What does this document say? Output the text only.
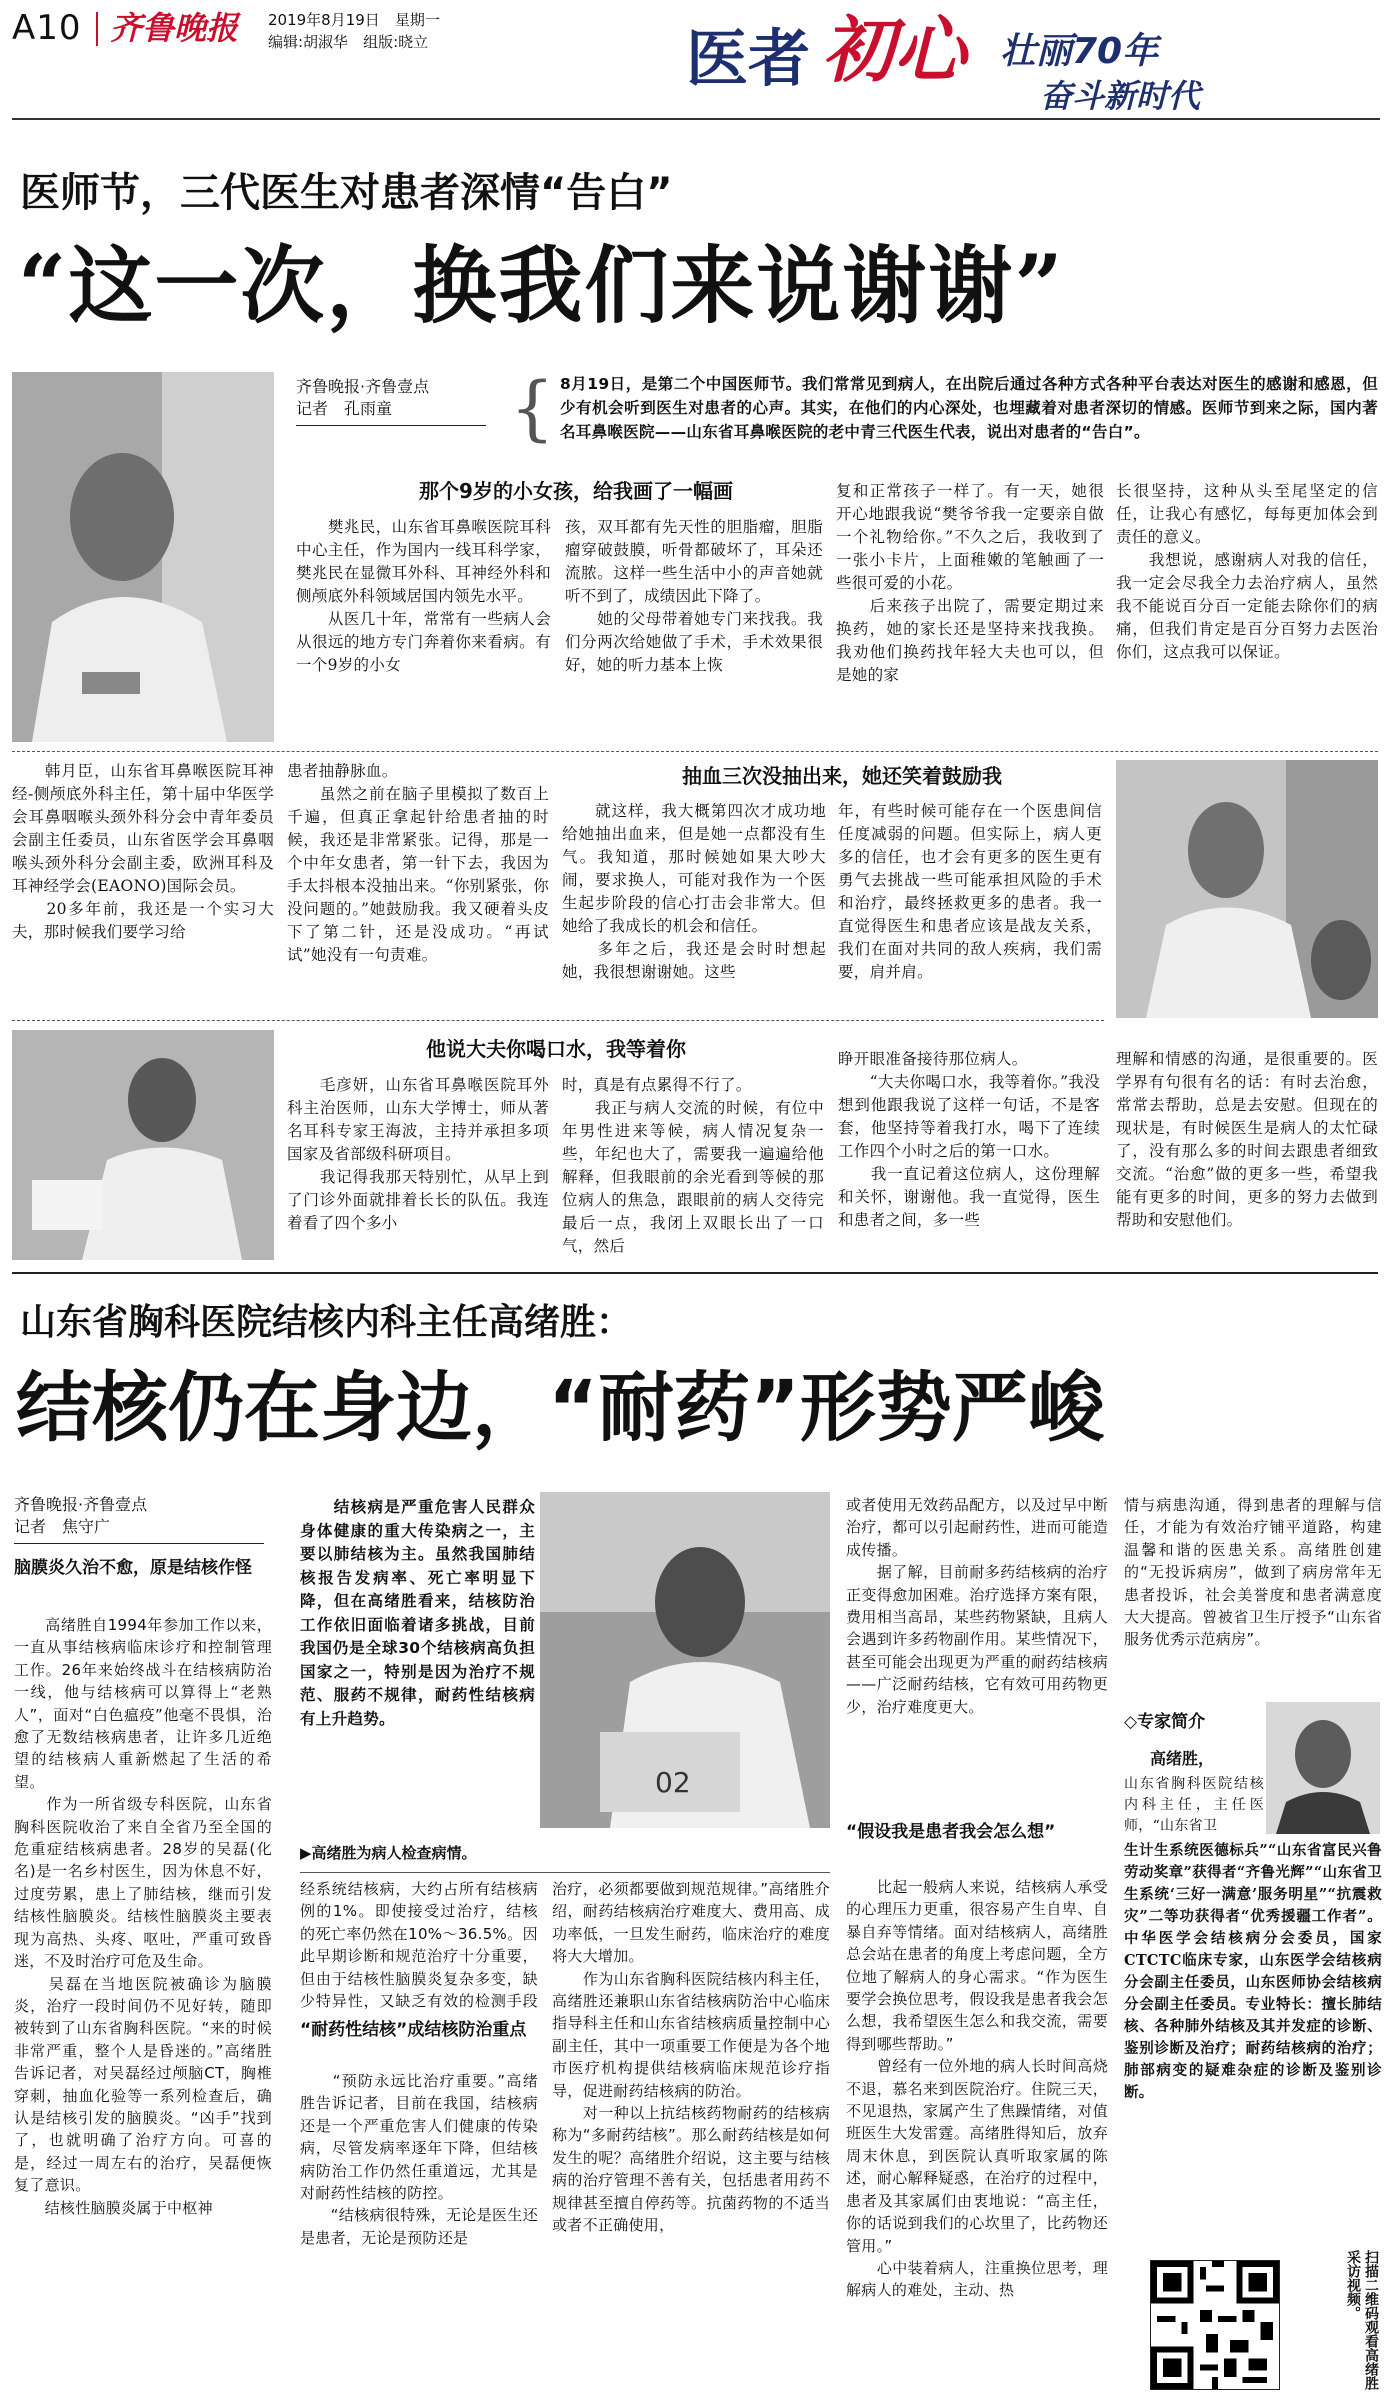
A10 齐鲁晚报 2019年8月19日　 星期一
编辑:胡淑华　 组版:晓立	医者 初心 壮丽70年
奋斗新时代
医师节，三代医生对患者深情“告白”
“这一次，换我们来说谢谢”
齐鲁晚报·齐鲁壹点
记者　孔雨童	{ 8月19日，是第二个中国医师节。我们常常见到病人，在出院后通过各种方式各种平台表达对医生的感谢和感恩，但少有机会听到医生对患者的心声。其实，在他们的内心深处，也埋藏着对患者深切的情感。医师节到来之际，国内著名耳鼻喉医院——山东省耳鼻喉医院的老中青三代医生代表，说出对患者的“告白”。
那个9岁的小女孩，给我画了一幅画
　　樊兆民，山东省耳鼻喉医院耳科中心主任，作为国内一线耳科学家，樊兆民在显微耳外科、耳神经外科和侧颅底外科领域居国内领先水平。
　　从医几十年，常常有一些病人会从很远的地方专门奔着你来看病。有一个9岁的小女
孩，双耳都有先天性的胆脂瘤，胆脂瘤穿破鼓膜，听骨都破坏了，耳朵还流脓。这样一些生活中小的声音她就听不到了，成绩因此下降了。
　　她的父母带着她专门来找我。我们分两次给她做了手术，手术效果很好，她的听力基本上恢
复和正常孩子一样了。有一天，她很开心地跟我说“樊爷爷我一定要亲自做一个礼物给你。”不久之后，我收到了一张小卡片，上面稚嫩的笔触画了一些很可爱的小花。
　　后来孩子出院了，需要定期过来换药，她的家长还是坚持来找我换。我劝他们换药找年轻大夫也可以，但是她的家
长很坚持，这种从头至尾坚定的信任，让我心有感忆，每每更加体会到责任的意义。
　　我想说，感谢病人对我的信任，我一定会尽我全力去治疗病人，虽然我不能说百分百一定能去除你们的病痛，但我们肯定是百分百努力去医治你们，这点我可以保证。
　　韩月臣，山东省耳鼻喉医院耳神经-侧颅底外科主任，第十届中华医学会耳鼻咽喉头颈外科分会中青年委员会副主任委员，山东省医学会耳鼻咽喉头颈外科分会副主委，欧洲耳科及耳神经学会(EAONO)国际会员。
　　20多年前，我还是一个实习大夫，那时候我们要学习给
患者抽静脉血。
　　虽然之前在脑子里模拟了数百上千遍，但真正拿起针给患者抽的时候，我还是非常紧张。记得，那是一个中年女患者，第一针下去，我因为手太抖根本没抽出来。“你别紧张，你没问题的。”她鼓励我。我又硬着头皮下了第二针，还是没成功。“再试试”她没有一句责难。
抽血三次没抽出来，她还笑着鼓励我
　　就这样，我大概第四次才成功地给她抽出血来，但是她一点都没有生气。我知道，那时候她如果大吵大闹，要求换人，可能对我作为一个医生起步阶段的信心打击会非常大。但她给了我成长的机会和信任。
　　多年之后，我还是会时时想起她，我很想谢谢她。这些
年，有些时候可能存在一个医患间信任度减弱的问题。但实际上，病人更多的信任，也才会有更多的医生更有勇气去挑战一些可能承担风险的手术和治疗，最终拯救更多的患者。我一直觉得医生和患者应该是战友关系，我们在面对共同的敌人疾病，我们需要，肩并肩。
他说大夫你喝口水，我等着你
　　毛彦妍，山东省耳鼻喉医院耳外科主治医师，山东大学博士，师从著名耳科专家王海波，主持并承担多项国家及省部级科研项目。
　　我记得我那天特别忙，从早上到了门诊外面就排着长长的队伍。我连着看了四个多小
时，真是有点累得不行了。
　　我正与病人交流的时候，有位中年男性进来等候，病人情况复杂一些，年纪也大了，需要我一遍遍给他解释，但我眼前的余光看到等候的那位病人的焦急，跟眼前的病人交待完最后一点，我闭上双眼长出了一口气，然后
睁开眼准备接待那位病人。
　　“大夫你喝口水，我等着你。”我没想到他跟我说了这样一句话，不是客套，他坚持等着我打水，喝下了连续工作四个小时之后的第一口水。
　　我一直记着这位病人，这份理解和关怀，谢谢他。我一直觉得，医生和患者之间，多一些
理解和情感的沟通，是很重要的。医学界有句很有名的话：有时去治愈，常常去帮助，总是去安慰。但现在的现状是，有时候医生是病人的太忙碌了，没有那么多的时间去跟患者细致交流。“治愈”做的更多一些，希望我能有更多的时间，更多的努力去做到帮助和安慰他们。
山东省胸科医院结核内科主任高绪胜：
结核仍在身边，“耐药”形势严峻
齐鲁晚报·齐鲁壹点
记者　焦守广
脑膜炎久治不愈，原是结核作怪
　　高绪胜自1994年参加工作以来，一直从事结核病临床诊疗和控制管理工作。26年来始终战斗在结核病防治一线，他与结核病可以算得上“老熟人”，面对“白色瘟疫”他毫不畏惧，治愈了无数结核病患者，让许多几近绝望的结核病人重新燃起了生活的希望。
　　作为一所省级专科医院，山东省胸科医院收治了来自全省乃至全国的危重症结核病患者。28岁的吴磊(化名)是一名乡村医生，因为休息不好，过度劳累，患上了肺结核，继而引发结核性脑膜炎。结核性脑膜炎主要表现为高热、头疼、呕吐，严重可致昏迷，不及时治疗可危及生命。
　　吴磊在当地医院被确诊为脑膜炎，治疗一段时间仍不见好转，随即被转到了山东省胸科医院。“来的时候非常严重，整个人是昏迷的。”高绪胜告诉记者，对吴磊经过颅脑CT，胸椎穿刺，抽血化验等一系列检查后，确认是结核引发的脑膜炎。“凶手”找到了，也就明确了治疗方向。可喜的是，经过一周左右的治疗，吴磊便恢复了意识。
　　结核性脑膜炎属于中枢神
　　结核病是严重危害人民群众身体健康的重大传染病之一，主要以肺结核为主。虽然我国肺结核报告发病率、死亡率明显下降，但在高绪胜看来，结核防治工作依旧面临着诸多挑战，目前我国仍是全球30个结核病高负担国家之一，特别是因为治疗不规范、服药不规律，耐药性结核病有上升趋势。
02
▶高绪胜为病人检查病情。
经系统结核病，大约占所有结核病例的1%。即使接受过治疗，结核的死亡率仍然在10%～36.5%。因此早期诊断和规范治疗十分重要，但由于结核性脑膜炎复杂多变，缺少特异性，又缺乏有效的检测手段
“耐药性结核”成结核防治重点
　　“预防永远比治疗重要。”高绪胜告诉记者，目前在我国，结核病还是一个严重危害人们健康的传染病，尽管发病率逐年下降，但结核病防治工作仍然任重道远，尤其是对耐药性结核的防控。
　　“结核病很特殊，无论是医生还是患者，无论是预防还是
治疗，必须都要做到规范规律。”高绪胜介绍，耐药结核病治疗难度大、费用高、成功率低，一旦发生耐药，临床治疗的难度将大大增加。
　　作为山东省胸科医院结核内科主任，高绪胜还兼职山东省结核病防治中心临床指导科主任和山东省结核病质量控制中心副主任，其中一项重要工作便是为各个地市医疗机构提供结核病临床规范诊疗指导，促进耐药结核病的防治。
　　对一种以上抗结核药物耐药的结核病称为“多耐药结核”。那么耐药结核是如何发生的呢？高绪胜介绍说，这主要与结核病的治疗管理不善有关，包括患者用药不规律甚至擅自停药等。抗菌药物的不适当或者不正确使用，
或者使用无效药品配方，以及过早中断治疗，都可以引起耐药性，进而可能造成传播。
　　据了解，目前耐多药结核病的治疗正变得愈加困难。治疗选择方案有限，费用相当高昂，某些药物紧缺，且病人会遇到许多药物副作用。某些情况下，甚至可能会出现更为严重的耐药结核病——广泛耐药结核，它有效可用药物更少，治疗难度更大。
“假设我是患者我会怎么想”
　　比起一般病人来说，结核病人承受的心理压力更重，很容易产生自卑、自暴自弃等情绪。面对结核病人，高绪胜总会站在患者的角度上考虑问题，全方位地了解病人的身心需求。“作为医生要学会换位思考，假设我是患者我会怎么想，我希望医生怎么和我交流，需要得到哪些帮助。”
　　曾经有一位外地的病人长时间高烧不退，慕名来到医院治疗。住院三天，不见退热，家属产生了焦躁情绪，对值班医生大发雷霆。高绪胜得知后，放弃周末休息，到医院认真听取家属的陈述，耐心解释疑惑，在治疗的过程中，患者及其家属们由衷地说：“高主任，你的话说到我们的心坎里了，比药物还管用。”
　　心中装着病人，注重换位思考，理解病人的难处，主动、热
情与病患沟通，得到患者的理解与信任，才能为有效治疗铺平道路，构建温馨和谐的医患关系。高绪胜创建的“无投诉病房”，做到了病房常年无患者投诉，社会美誉度和患者满意度大大提高。曾被省卫生厅授予“山东省服务优秀示范病房”。
◇专家简介
高绪胜，
山东省胸科医院结核内科主任，主任医师，“山东省卫
生计生系统医德标兵”“山东省富民兴鲁劳动奖章”获得者“齐鲁光辉”“山东省卫生系统‘三好一满意’服务明星”“抗震救灾”二等功获得者“优秀援疆工作者”。中华医学会结核病分会委员，国家CTCTC临床专家，山东医学会结核病分会副主任委员，山东医师协会结核病分会副主任委员。专业特长：擅长肺结核、各种肺外结核及其并发症的诊断、鉴别诊断及治疗；耐药结核病的治疗；肺部病变的疑难杂症的诊断及鉴别诊断。
扫描二维码观看高绪胜采访视频。
